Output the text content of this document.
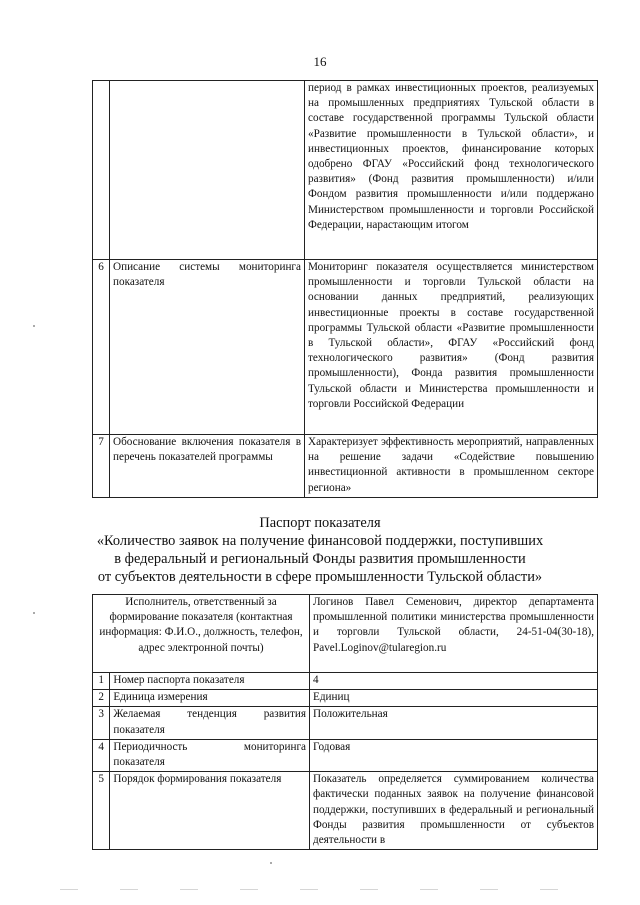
16
		период в рамках инвестиционных проектов, реализуемых на промышленных предприятиях Тульской области в составе государственной программы Тульской области «Развитие промышленности в Тульской области», и инвестиционных проектов, финансирование которых одобрено ФГАУ «Российский фонд технологического развития» (Фонд развития промышленности) и/или Фондом развития промышленности и/или поддержано Министерством промышленности и торговли Российской Федерации, нарастающим итогом
6	Описание системы мониторинга показателя	Мониторинг показателя осуществляется министерством промышленности и торговли Тульской области на основании данных предприятий, реализующих инвестиционные проекты в составе государственной программы Тульской области «Развитие промышленности в Тульской области», ФГАУ «Российский фонд технологического развития» (Фонд развития промышленности), Фонда развития промышленности Тульской области и Министерства промышленности и торговли Российской Федерации
7	Обоснование включения показателя в перечень показателей программы	Характеризует эффективность мероприятий, направленных на решение задачи «Содействие повышению инвестиционной активности в промышленном секторе региона»
Паспорт показателя
«Количество заявок на получение финансовой поддержки, поступивших
в федеральный и региональный Фонды развития промышленности
от субъектов деятельности в сфере промышленности Тульской области»
Исполнитель, ответственный за формирование показателя (контактная информация: Ф.И.О., должность, телефон, адрес электронной почты)		Логинов Павел Семенович, директор департамента промышленной политики министерства промышленности и торговли Тульской области, 24-51-04(30-18), Pavel.Loginov@tularegion.ru
1	Номер паспорта показателя	4
2	Единица измерения	Единиц
3	Желаемая тенденция развития показателя	Положительная
4	Периодичность мониторинга показателя	Годовая
5	Порядок формирования показателя	Показатель определяется суммированием количества фактически поданных заявок на получение финансовой поддержки, поступивших в федеральный и региональный Фонды развития промышленности от субъектов деятельности в
